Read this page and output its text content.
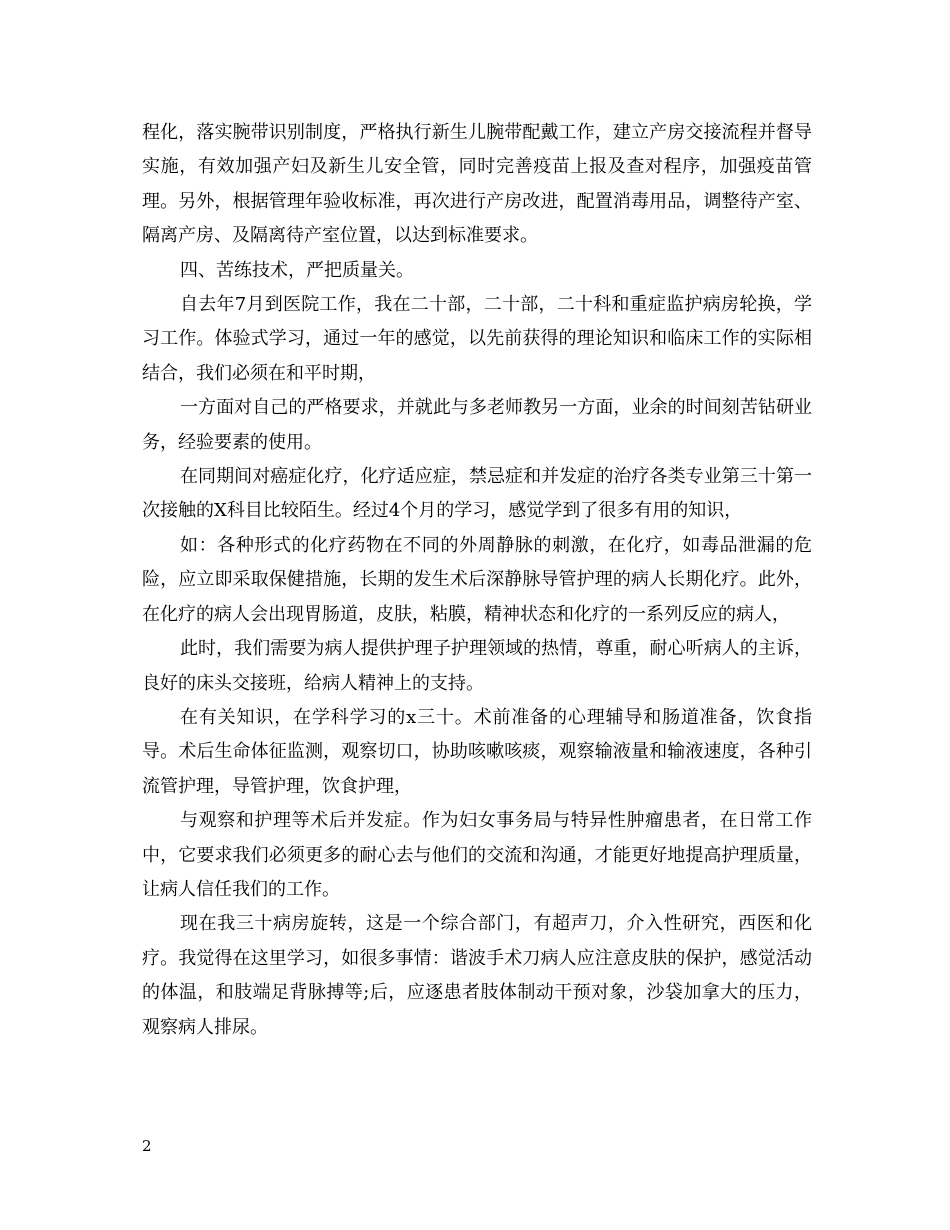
程化，落实腕带识别制度，严格执行新生儿腕带配戴工作，建立产房交接流程并督导实施，有效加强产妇及新生儿安全管，同时完善疫苗上报及查对程序，加强疫苗管理。另外，根据管理年验收标准，再次进行产房改进，配置消毒用品，调整待产室、隔离产房、及隔离待产室位置，以达到标准要求。

四、苦练技术，严把质量关。

自去年7月到医院工作，我在二十部，二十部，二十科和重症监护病房轮换，学习工作。体验式学习，通过一年的感觉，以先前获得的理论知识和临床工作的实际相结合，我们必须在和平时期，

一方面对自己的严格要求，并就此与多老师教另一方面，业余的时间刻苦钻研业务，经验要素的使用。

在同期间对癌症化疗，化疗适应症，禁忌症和并发症的治疗各类专业第三十第一次接触的X科目比较陌生。经过4个月的学习，感觉学到了很多有用的知识，

如：各种形式的化疗药物在不同的外周静脉的刺激，在化疗，如毒品泄漏的危险，应立即采取保健措施，长期的发生术后深静脉导管护理的病人长期化疗。此外，在化疗的病人会出现胃肠道，皮肤，粘膜，精神状态和化疗的一系列反应的病人，

此时，我们需要为病人提供护理子护理领域的热情，尊重，耐心听病人的主诉，良好的床头交接班，给病人精神上的支持。

在有关知识，在学科学习的x三十。术前准备的心理辅导和肠道准备，饮食指导。术后生命体征监测，观察切口，协助咳嗽咳痰，观察输液量和输液速度，各种引流管护理，导管护理，饮食护理，

与观察和护理等术后并发症。作为妇女事务局与特异性肿瘤患者，在日常工作中，它要求我们必须更多的耐心去与他们的交流和沟通，才能更好地提高护理质量，让病人信任我们的工作。

现在我三十病房旋转，这是一个综合部门，有超声刀，介入性研究，西医和化疗。我觉得在这里学习，如很多事情：谐波手术刀病人应注意皮肤的保护，感觉活动的体温，和肢端足背脉搏等;后，应逐患者肢体制动干预对象，沙袋加拿大的压力，观察病人排尿。

2
